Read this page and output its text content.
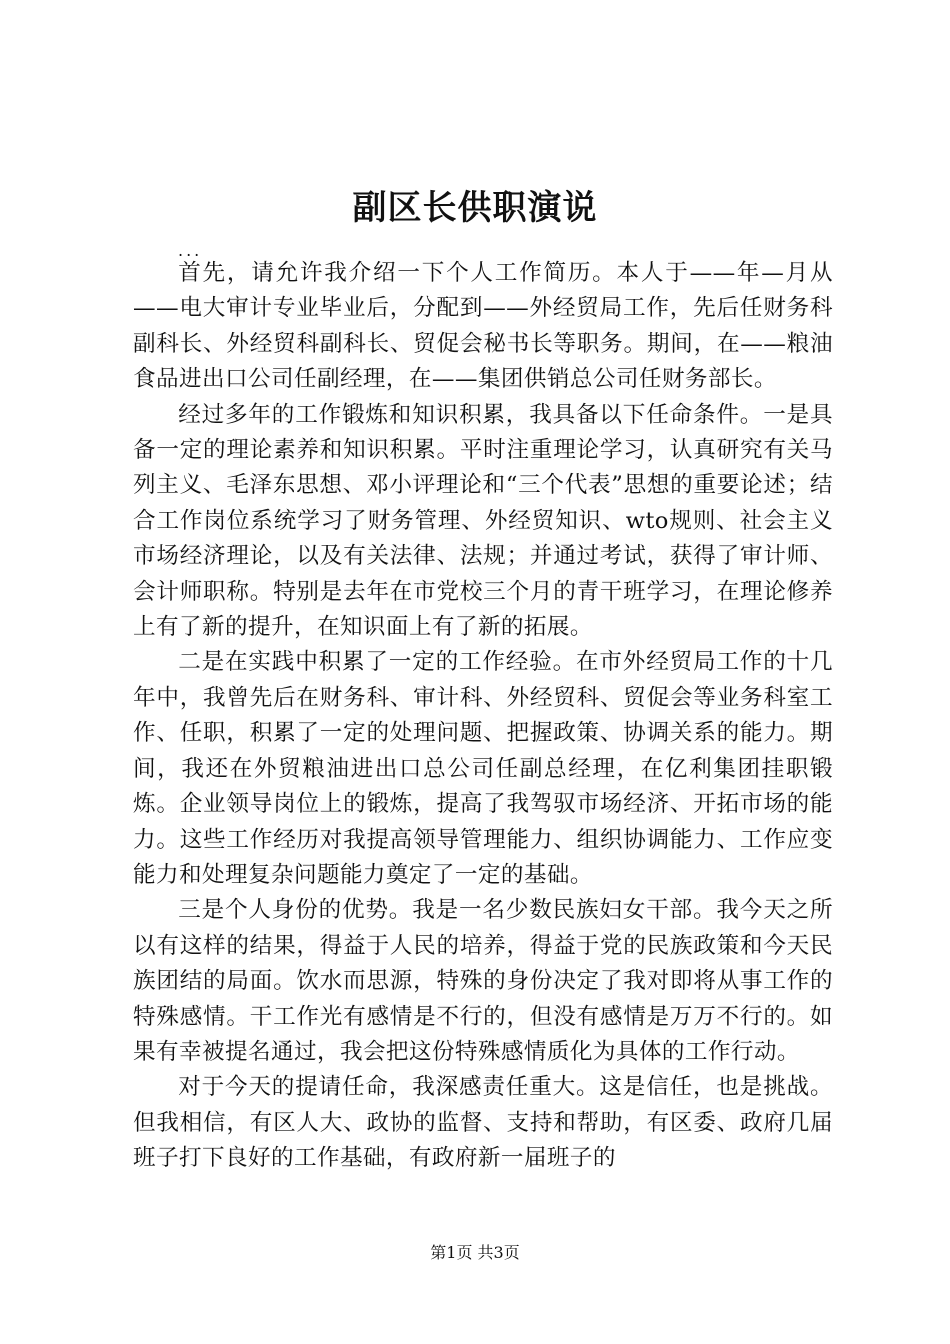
副区长供职演说
...

首先，请允许我介绍一下个人工作简历。本人于——年—月从——电大审计专业毕业后，分配到——外经贸局工作，先后任财务科副科长、外经贸科副科长、贸促会秘书长等职务。期间，在——粮油食品进出口公司任副经理，在——集团供销总公司任财务部长。

经过多年的工作锻炼和知识积累，我具备以下任命条件。一是具备一定的理论素养和知识积累。平时注重理论学习，认真研究有关马列主义、毛泽东思想、邓小评理论和“三个代表”思想的重要论述；结合工作岗位系统学习了财务管理、外经贸知识、wto规则、社会主义市场经济理论，以及有关法律、法规；并通过考试，获得了审计师、会计师职称。特别是去年在市党校三个月的青干班学习，在理论修养上有了新的提升，在知识面上有了新的拓展。

二是在实践中积累了一定的工作经验。在市外经贸局工作的十几年中，我曾先后在财务科、审计科、外经贸科、贸促会等业务科室工作、任职，积累了一定的处理问题、把握政策、协调关系的能力。期间，我还在外贸粮油进出口总公司任副总经理，在亿利集团挂职锻炼。企业领导岗位上的锻炼，提高了我驾驭市场经济、开拓市场的能力。这些工作经历对我提高领导管理能力、组织协调能力、工作应变能力和处理复杂问题能力奠定了一定的基础。

三是个人身份的优势。我是一名少数民族妇女干部。我今天之所以有这样的结果，得益于人民的培养，得益于党的民族政策和今天民族团结的局面。饮水而思源，特殊的身份决定了我对即将从事工作的特殊感情。干工作光有感情是不行的，但没有感情是万万不行的。如果有幸被提名通过，我会把这份特殊感情质化为具体的工作行动。

对于今天的提请任命，我深感责任重大。这是信任，也是挑战。但我相信，有区人大、政协的监督、支持和帮助，有区委、政府几届班子打下良好的工作基础，有政府新一届班子的

第1页 共3页
